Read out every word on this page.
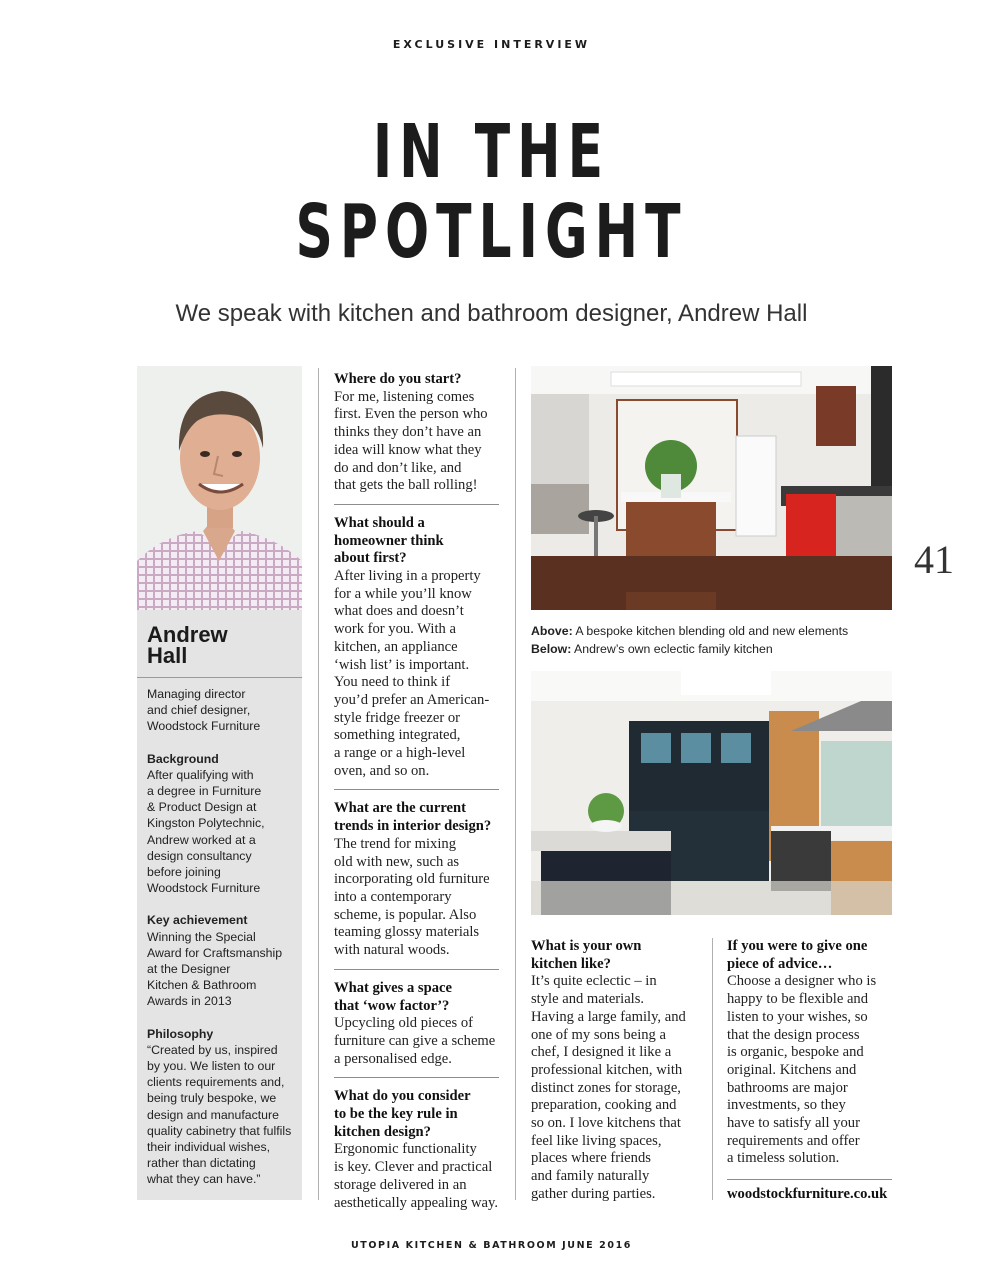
EXCLUSIVE INTERVIEW
IN THE
SPOTLIGHT
We speak with kitchen and bathroom designer, Andrew Hall
Andrew
Hall

Managing director
and chief designer,
Woodstock Furniture

Background
After qualifying with
a degree in Furniture
& Product Design at
Kingston Polytechnic,
Andrew worked at a
design consultancy
before joining
Woodstock Furniture

Key achievement
Winning the Special
Award for Craftsmanship
at the Designer
Kitchen & Bathroom
Awards in 2013

Philosophy
“Created by us, inspired
by you. We listen to our
clients requirements and,
being truly bespoke, we
design and manufacture
quality cabinetry that fulfils
their individual wishes,
rather than dictating
what they can have.”

Where do you start?

For me, listening comes
first. Even the person who
thinks they don’t have an
idea will know what they
do and don’t like, and
that gets the ball rolling!

What should a
homeowner think
about first?

After living in a property
for a while you’ll know
what does and doesn’t
work for you. With a
kitchen, an appliance
‘wish list’ is important.
You need to think if
you’d prefer an American-
style fridge freezer or
something integrated,
a range or a high-level
oven, and so on.

What are the current
trends in interior design?

The trend for mixing
old with new, such as
incorporating old furniture
into a contemporary
scheme, is popular. Also
teaming glossy materials
with natural woods.

What gives a space
that ‘wow factor’?

Upcycling old pieces of
furniture can give a scheme
a personalised edge.

What do you consider
to be the key rule in
kitchen design?

Ergonomic functionality
is key. Clever and practical
storage delivered in an
aesthetically appealing way.

Above: A bespoke kitchen blending old and new elements
Below: Andrew’s own eclectic family kitchen
41
What is your own
kitchen like?

It’s quite eclectic – in
style and materials.
Having a large family, and
one of my sons being a
chef, I designed it like a
professional kitchen, with
distinct zones for storage,
preparation, cooking and
so on. I love kitchens that
feel like living spaces,
places where friends
and family naturally
gather during parties.

If you were to give one
piece of advice…

Choose a designer who is
happy to be flexible and
listen to your wishes, so
that the design process
is organic, bespoke and
original. Kitchens and
bathrooms are major
investments, so they
have to satisfy all your
requirements and offer
a timeless solution.

woodstockfurniture.co.uk
UTOPIA KITCHEN & BATHROOM JUNE 2016
